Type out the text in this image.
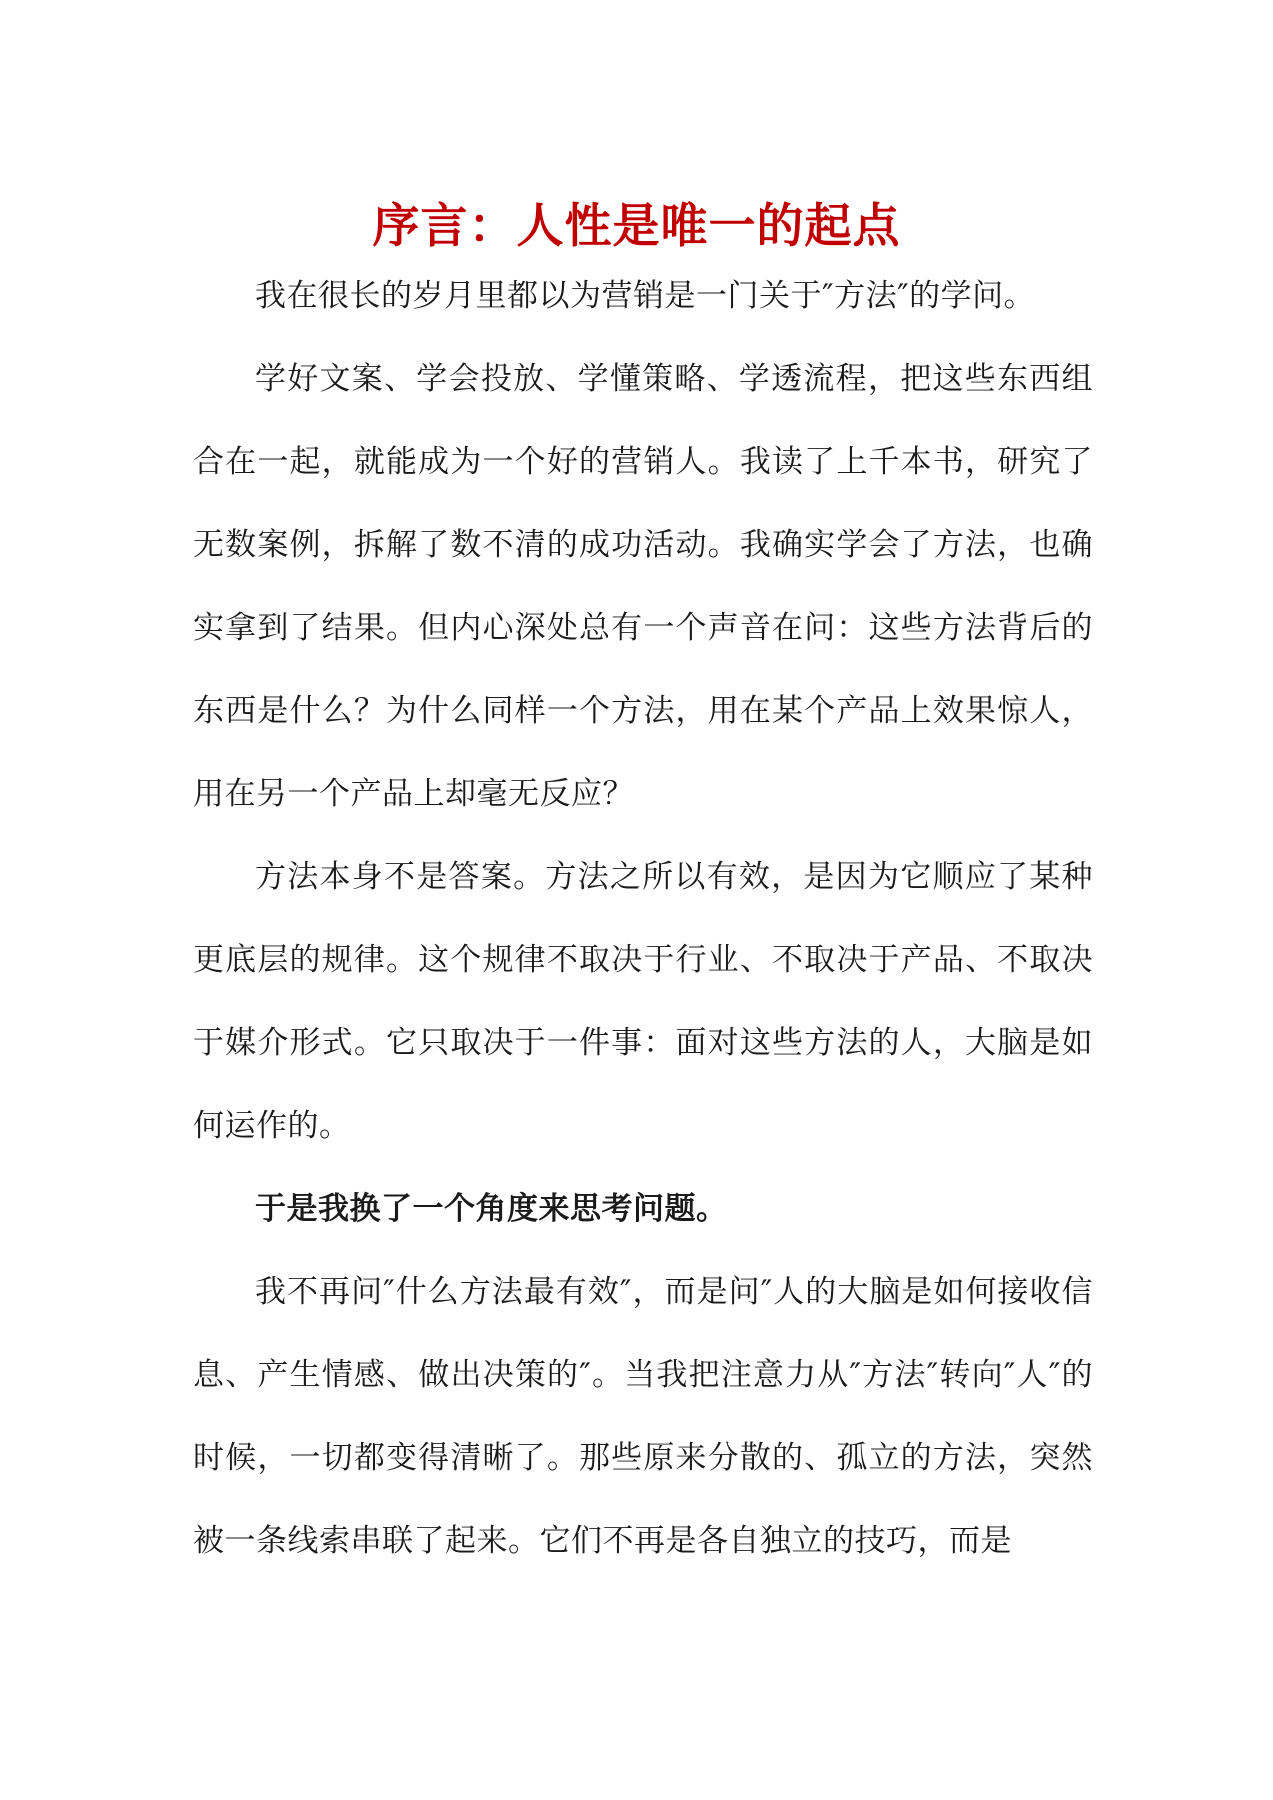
序言：人性是唯一的起点

我在很长的岁月里都以为营销是一门关于″方法″的学问。

学好文案、学会投放、学懂策略、学透流程，把这些东西组合在一起，就能成为一个好的营销人。我读了上千本书，研究了无数案例，拆解了数不清的成功活动。我确实学会了方法，也确实拿到了结果。但内心深处总有一个声音在问：这些方法背后的东西是什么？为什么同样一个方法，用在某个产品上效果惊人，用在另一个产品上却毫无反应？

方法本身不是答案。方法之所以有效，是因为它顺应了某种更底层的规律。这个规律不取决于行业、不取决于产品、不取决于媒介形式。它只取决于一件事：面对这些方法的人，大脑是如何运作的。

于是我换了一个角度来思考问题。

我不再问″什么方法最有效″，而是问″人的大脑是如何接收信息、产生情感、做出决策的″。当我把注意力从″方法″转向″人″的时候，一切都变得清晰了。那些原来分散的、孤立的方法，突然被一条线索串联了起来。它们不再是各自独立的技巧，而是
